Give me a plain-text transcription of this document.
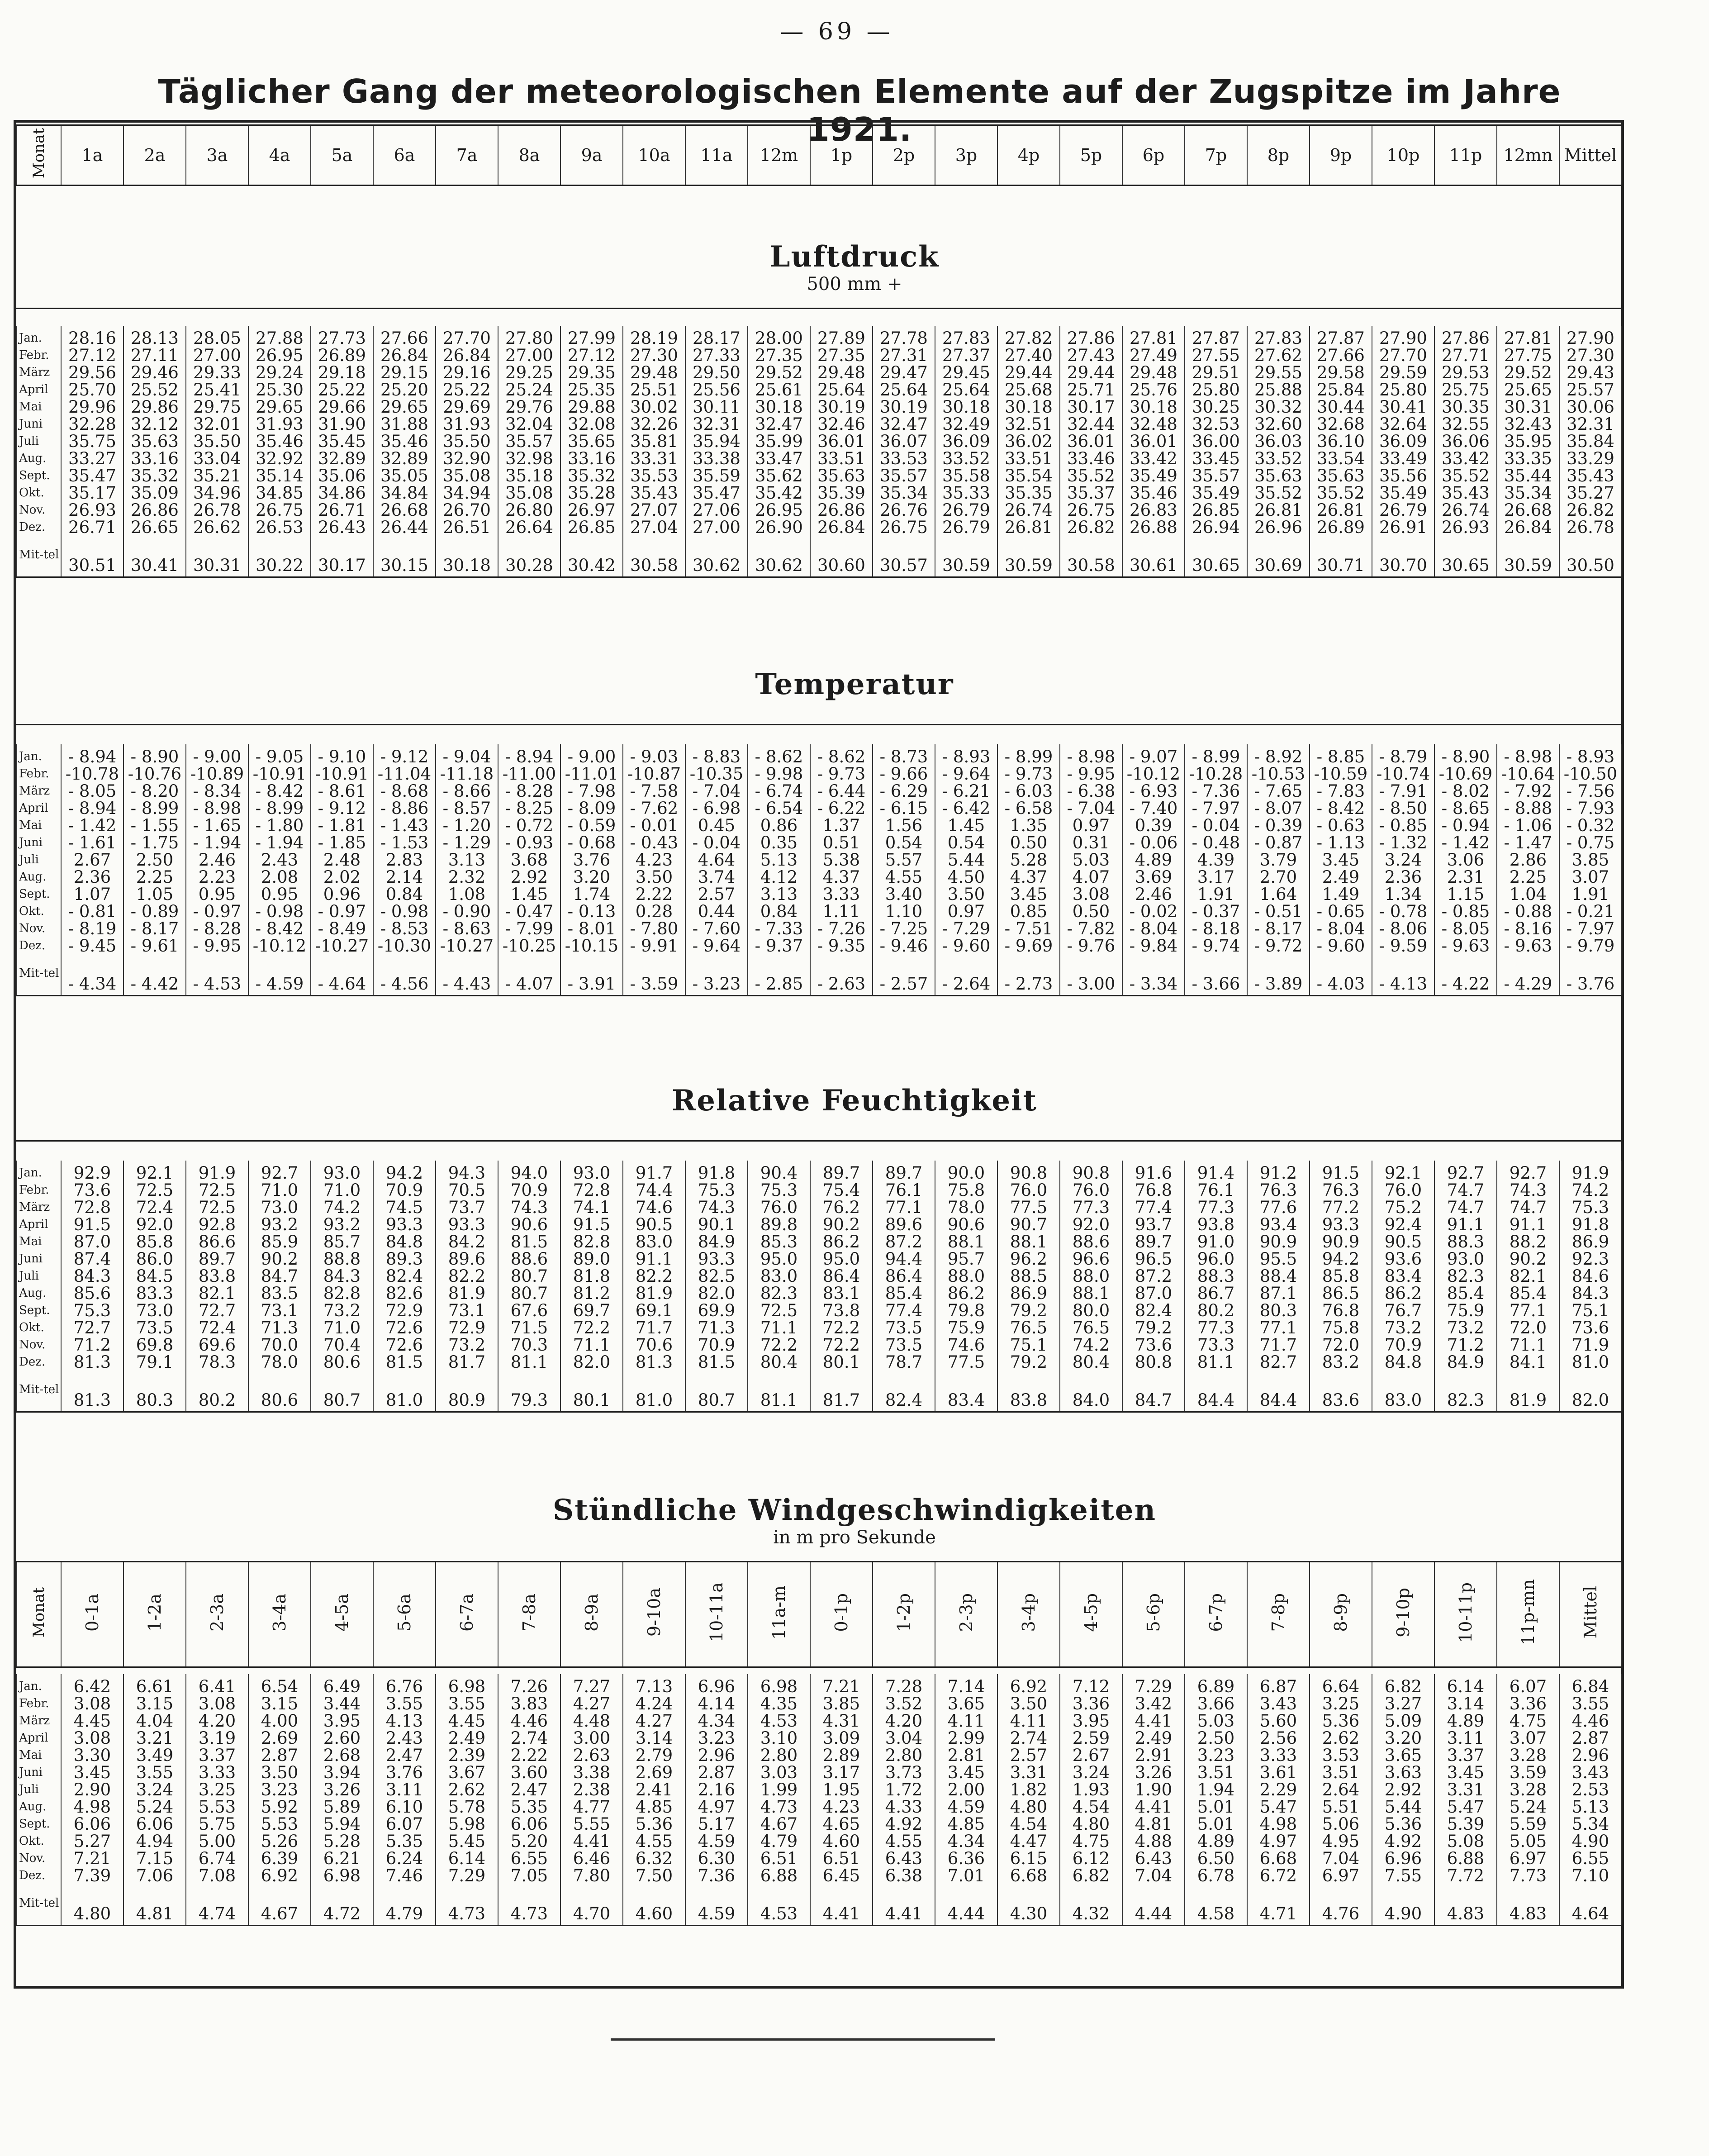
— 69 —
Täglicher Gang der meteorologischen Elemente auf der Zugspitze im Jahre 1921.
Monat	1a	2a	3a	4a	5a	6a	7a	8a	9a	10a	11a	12m	1p	2p	3p	4p	5p	6p	7p	8p	9p	10p	11p	12mn	Mittel
Luftdruck
500 mm +
Jan.	28.16	28.13	28.05	27.88	27.73	27.66	27.70	27.80	27.99	28.19	28.17	28.00	27.89	27.78	27.83	27.82	27.86	27.81	27.87	27.83	27.87	27.90	27.86	27.81	27.90
Febr.	27.12	27.11	27.00	26.95	26.89	26.84	26.84	27.00	27.12	27.30	27.33	27.35	27.35	27.31	27.37	27.40	27.43	27.49	27.55	27.62	27.66	27.70	27.71	27.75	27.30
März	29.56	29.46	29.33	29.24	29.18	29.15	29.16	29.25	29.35	29.48	29.50	29.52	29.48	29.47	29.45	29.44	29.44	29.48	29.51	29.55	29.58	29.59	29.53	29.52	29.43
April	25.70	25.52	25.41	25.30	25.22	25.20	25.22	25.24	25.35	25.51	25.56	25.61	25.64	25.64	25.64	25.68	25.71	25.76	25.80	25.88	25.84	25.80	25.75	25.65	25.57
Mai	29.96	29.86	29.75	29.65	29.66	29.65	29.69	29.76	29.88	30.02	30.11	30.18	30.19	30.19	30.18	30.18	30.17	30.18	30.25	30.32	30.44	30.41	30.35	30.31	30.06
Juni	32.28	32.12	32.01	31.93	31.90	31.88	31.93	32.04	32.08	32.26	32.31	32.47	32.46	32.47	32.49	32.51	32.44	32.48	32.53	32.60	32.68	32.64	32.55	32.43	32.31
Juli	35.75	35.63	35.50	35.46	35.45	35.46	35.50	35.57	35.65	35.81	35.94	35.99	36.01	36.07	36.09	36.02	36.01	36.01	36.00	36.03	36.10	36.09	36.06	35.95	35.84
Aug.	33.27	33.16	33.04	32.92	32.89	32.89	32.90	32.98	33.16	33.31	33.38	33.47	33.51	33.53	33.52	33.51	33.46	33.42	33.45	33.52	33.54	33.49	33.42	33.35	33.29
Sept.	35.47	35.32	35.21	35.14	35.06	35.05	35.08	35.18	35.32	35.53	35.59	35.62	35.63	35.57	35.58	35.54	35.52	35.49	35.57	35.63	35.63	35.56	35.52	35.44	35.43
Okt.	35.17	35.09	34.96	34.85	34.86	34.84	34.94	35.08	35.28	35.43	35.47	35.42	35.39	35.34	35.33	35.35	35.37	35.46	35.49	35.52	35.52	35.49	35.43	35.34	35.27
Nov.	26.93	26.86	26.78	26.75	26.71	26.68	26.70	26.80	26.97	27.07	27.06	26.95	26.86	26.76	26.79	26.74	26.75	26.83	26.85	26.81	26.81	26.79	26.74	26.68	26.82
Dez.	26.71	26.65	26.62	26.53	26.43	26.44	26.51	26.64	26.85	27.04	27.00	26.90	26.84	26.75	26.79	26.81	26.82	26.88	26.94	26.96	26.89	26.91	26.93	26.84	26.78
Mit-tel	30.51	30.41	30.31	30.22	30.17	30.15	30.18	30.28	30.42	30.58	30.62	30.62	30.60	30.57	30.59	30.59	30.58	30.61	30.65	30.69	30.71	30.70	30.65	30.59	30.50
Temperatur
Jan.	- 8.94	- 8.90	- 9.00	- 9.05	- 9.10	- 9.12	- 9.04	- 8.94	- 9.00	- 9.03	- 8.83	- 8.62	- 8.62	- 8.73	- 8.93	- 8.99	- 8.98	- 9.07	- 8.99	- 8.92	- 8.85	- 8.79	- 8.90	- 8.98	- 8.93
Febr.	-10.78	-10.76	-10.89	-10.91	-10.91	-11.04	-11.18	-11.00	-11.01	-10.87	-10.35	- 9.98	- 9.73	- 9.66	- 9.64	- 9.73	- 9.95	-10.12	-10.28	-10.53	-10.59	-10.74	-10.69	-10.64	-10.50
März	- 8.05	- 8.20	- 8.34	- 8.42	- 8.61	- 8.68	- 8.66	- 8.28	- 7.98	- 7.58	- 7.04	- 6.74	- 6.44	- 6.29	- 6.21	- 6.03	- 6.38	- 6.93	- 7.36	- 7.65	- 7.83	- 7.91	- 8.02	- 7.92	- 7.56
April	- 8.94	- 8.99	- 8.98	- 8.99	- 9.12	- 8.86	- 8.57	- 8.25	- 8.09	- 7.62	- 6.98	- 6.54	- 6.22	- 6.15	- 6.42	- 6.58	- 7.04	- 7.40	- 7.97	- 8.07	- 8.42	- 8.50	- 8.65	- 8.88	- 7.93
Mai	- 1.42	- 1.55	- 1.65	- 1.80	- 1.81	- 1.43	- 1.20	- 0.72	- 0.59	- 0.01	0.45	0.86	1.37	1.56	1.45	1.35	0.97	0.39	- 0.04	- 0.39	- 0.63	- 0.85	- 0.94	- 1.06	- 0.32
Juni	- 1.61	- 1.75	- 1.94	- 1.94	- 1.85	- 1.53	- 1.29	- 0.93	- 0.68	- 0.43	- 0.04	0.35	0.51	0.54	0.54	0.50	0.31	- 0.06	- 0.48	- 0.87	- 1.13	- 1.32	- 1.42	- 1.47	- 0.75
Juli	2.67	2.50	2.46	2.43	2.48	2.83	3.13	3.68	3.76	4.23	4.64	5.13	5.38	5.57	5.44	5.28	5.03	4.89	4.39	3.79	3.45	3.24	3.06	2.86	3.85
Aug.	2.36	2.25	2.23	2.08	2.02	2.14	2.32	2.92	3.20	3.50	3.74	4.12	4.37	4.55	4.50	4.37	4.07	3.69	3.17	2.70	2.49	2.36	2.31	2.25	3.07
Sept.	1.07	1.05	0.95	0.95	0.96	0.84	1.08	1.45	1.74	2.22	2.57	3.13	3.33	3.40	3.50	3.45	3.08	2.46	1.91	1.64	1.49	1.34	1.15	1.04	1.91
Okt.	- 0.81	- 0.89	- 0.97	- 0.98	- 0.97	- 0.98	- 0.90	- 0.47	- 0.13	0.28	0.44	0.84	1.11	1.10	0.97	0.85	0.50	- 0.02	- 0.37	- 0.51	- 0.65	- 0.78	- 0.85	- 0.88	- 0.21
Nov.	- 8.19	- 8.17	- 8.28	- 8.42	- 8.49	- 8.53	- 8.63	- 7.99	- 8.01	- 7.80	- 7.60	- 7.33	- 7.26	- 7.25	- 7.29	- 7.51	- 7.82	- 8.04	- 8.18	- 8.17	- 8.04	- 8.06	- 8.05	- 8.16	- 7.97
Dez.	- 9.45	- 9.61	- 9.95	-10.12	-10.27	-10.30	-10.27	-10.25	-10.15	- 9.91	- 9.64	- 9.37	- 9.35	- 9.46	- 9.60	- 9.69	- 9.76	- 9.84	- 9.74	- 9.72	- 9.60	- 9.59	- 9.63	- 9.63	- 9.79
Mit-tel	- 4.34	- 4.42	- 4.53	- 4.59	- 4.64	- 4.56	- 4.43	- 4.07	- 3.91	- 3.59	- 3.23	- 2.85	- 2.63	- 2.57	- 2.64	- 2.73	- 3.00	- 3.34	- 3.66	- 3.89	- 4.03	- 4.13	- 4.22	- 4.29	- 3.76
Relative Feuchtigkeit
Jan.	92.9	92.1	91.9	92.7	93.0	94.2	94.3	94.0	93.0	91.7	91.8	90.4	89.7	89.7	90.0	90.8	90.8	91.6	91.4	91.2	91.5	92.1	92.7	92.7	91.9
Febr.	73.6	72.5	72.5	71.0	71.0	70.9	70.5	70.9	72.8	74.4	75.3	75.3	75.4	76.1	75.8	76.0	76.0	76.8	76.1	76.3	76.3	76.0	74.7	74.3	74.2
März	72.8	72.4	72.5	73.0	74.2	74.5	73.7	74.3	74.1	74.6	74.3	76.0	76.2	77.1	78.0	77.5	77.3	77.4	77.3	77.6	77.2	75.2	74.7	74.7	75.3
April	91.5	92.0	92.8	93.2	93.2	93.3	93.3	90.6	91.5	90.5	90.1	89.8	90.2	89.6	90.6	90.7	92.0	93.7	93.8	93.4	93.3	92.4	91.1	91.1	91.8
Mai	87.0	85.8	86.6	85.9	85.7	84.8	84.2	81.5	82.8	83.0	84.9	85.3	86.2	87.2	88.1	88.1	88.6	89.7	91.0	90.9	90.9	90.5	88.3	88.2	86.9
Juni	87.4	86.0	89.7	90.2	88.8	89.3	89.6	88.6	89.0	91.1	93.3	95.0	95.0	94.4	95.7	96.2	96.6	96.5	96.0	95.5	94.2	93.6	93.0	90.2	92.3
Juli	84.3	84.5	83.8	84.7	84.3	82.4	82.2	80.7	81.8	82.2	82.5	83.0	86.4	86.4	88.0	88.5	88.0	87.2	88.3	88.4	85.8	83.4	82.3	82.1	84.6
Aug.	85.6	83.3	82.1	83.5	82.8	82.6	81.9	80.7	81.2	81.9	82.0	82.3	83.1	85.4	86.2	86.9	88.1	87.0	86.7	87.1	86.5	86.2	85.4	85.4	84.3
Sept.	75.3	73.0	72.7	73.1	73.2	72.9	73.1	67.6	69.7	69.1	69.9	72.5	73.8	77.4	79.8	79.2	80.0	82.4	80.2	80.3	76.8	76.7	75.9	77.1	75.1
Okt.	72.7	73.5	72.4	71.3	71.0	72.6	72.9	71.5	72.2	71.7	71.3	71.1	72.2	73.5	75.9	76.5	76.5	79.2	77.3	77.1	75.8	73.2	73.2	72.0	73.6
Nov.	71.2	69.8	69.6	70.0	70.4	72.6	73.2	70.3	71.1	70.6	70.9	72.2	72.2	73.5	74.6	75.1	74.2	73.6	73.3	71.7	72.0	70.9	71.2	71.1	71.9
Dez.	81.3	79.1	78.3	78.0	80.6	81.5	81.7	81.1	82.0	81.3	81.5	80.4	80.1	78.7	77.5	79.2	80.4	80.8	81.1	82.7	83.2	84.8	84.9	84.1	81.0
Mit-tel	81.3	80.3	80.2	80.6	80.7	81.0	80.9	79.3	80.1	81.0	80.7	81.1	81.7	82.4	83.4	83.8	84.0	84.7	84.4	84.4	83.6	83.0	82.3	81.9	82.0
Stündliche Windgeschwindigkeiten
in m pro Sekunde
Monat	0-1a	1-2a	2-3a	3-4a	4-5a	5-6a	6-7a	7-8a	8-9a	9-10a	10-11a	11a-m	0-1p	1-2p	2-3p	3-4p	4-5p	5-6p	6-7p	7-8p	8-9p	9-10p	10-11p	11p-mn	Mittel
Jan.	6.42	6.61	6.41	6.54	6.49	6.76	6.98	7.26	7.27	7.13	6.96	6.98	7.21	7.28	7.14	6.92	7.12	7.29	6.89	6.87	6.64	6.82	6.14	6.07	6.84
Febr.	3.08	3.15	3.08	3.15	3.44	3.55	3.55	3.83	4.27	4.24	4.14	4.35	3.85	3.52	3.65	3.50	3.36	3.42	3.66	3.43	3.25	3.27	3.14	3.36	3.55
März	4.45	4.04	4.20	4.00	3.95	4.13	4.45	4.46	4.48	4.27	4.34	4.53	4.31	4.20	4.11	4.11	3.95	4.41	5.03	5.60	5.36	5.09	4.89	4.75	4.46
April	3.08	3.21	3.19	2.69	2.60	2.43	2.49	2.74	3.00	3.14	3.23	3.10	3.09	3.04	2.99	2.74	2.59	2.49	2.50	2.56	2.62	3.20	3.11	3.07	2.87
Mai	3.30	3.49	3.37	2.87	2.68	2.47	2.39	2.22	2.63	2.79	2.96	2.80	2.89	2.80	2.81	2.57	2.67	2.91	3.23	3.33	3.53	3.65	3.37	3.28	2.96
Juni	3.45	3.55	3.33	3.50	3.94	3.76	3.67	3.60	3.38	2.69	2.87	3.03	3.17	3.73	3.45	3.31	3.24	3.26	3.51	3.61	3.51	3.63	3.45	3.59	3.43
Juli	2.90	3.24	3.25	3.23	3.26	3.11	2.62	2.47	2.38	2.41	2.16	1.99	1.95	1.72	2.00	1.82	1.93	1.90	1.94	2.29	2.64	2.92	3.31	3.28	2.53
Aug.	4.98	5.24	5.53	5.92	5.89	6.10	5.78	5.35	4.77	4.85	4.97	4.73	4.23	4.33	4.59	4.80	4.54	4.41	5.01	5.47	5.51	5.44	5.47	5.24	5.13
Sept.	6.06	6.06	5.75	5.53	5.94	6.07	5.98	6.06	5.55	5.36	5.17	4.67	4.65	4.92	4.85	4.54	4.80	4.81	5.01	4.98	5.06	5.36	5.39	5.59	5.34
Okt.	5.27	4.94	5.00	5.26	5.28	5.35	5.45	5.20	4.41	4.55	4.59	4.79	4.60	4.55	4.34	4.47	4.75	4.88	4.89	4.97	4.95	4.92	5.08	5.05	4.90
Nov.	7.21	7.15	6.74	6.39	6.21	6.24	6.14	6.55	6.46	6.32	6.30	6.51	6.51	6.43	6.36	6.15	6.12	6.43	6.50	6.68	7.04	6.96	6.88	6.97	6.55
Dez.	7.39	7.06	7.08	6.92	6.98	7.46	7.29	7.05	7.80	7.50	7.36	6.88	6.45	6.38	7.01	6.68	6.82	7.04	6.78	6.72	6.97	7.55	7.72	7.73	7.10
Mit-tel	4.80	4.81	4.74	4.67	4.72	4.79	4.73	4.73	4.70	4.60	4.59	4.53	4.41	4.41	4.44	4.30	4.32	4.44	4.58	4.71	4.76	4.90	4.83	4.83	4.64
